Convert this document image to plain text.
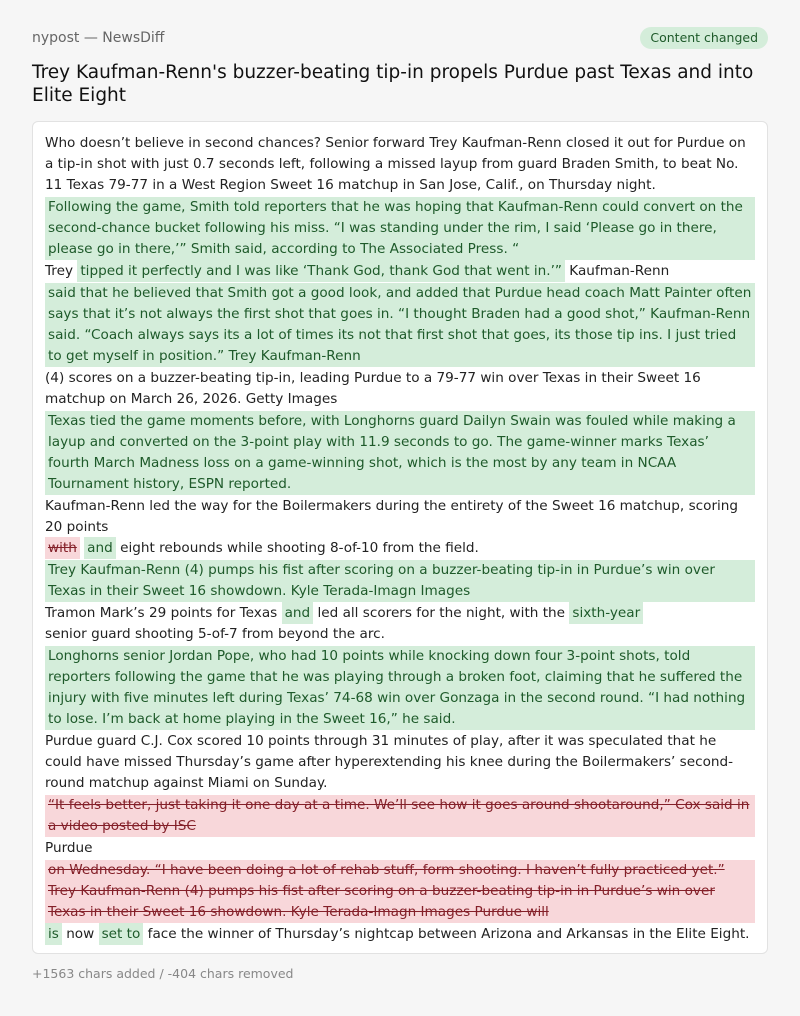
nypost — NewsDiff	Content changed
Trey Kaufman-Renn's buzzer-beating tip-in propels Purdue past Texas and into Elite Eight
Who doesn’t believe in second chances? Senior forward Trey Kaufman-Renn closed it out for Purdue on a tip-in shot with just 0.7 seconds left, following a missed layup from guard Braden Smith, to beat No. 11 Texas 79-77 in a West Region Sweet 16 matchup in San Jose, Calif., on Thursday night.
Following the game, Smith told reporters that he was hoping that Kaufman-Renn could convert on the second-chance bucket following his miss. “I was standing under the rim, I said ‘Please go in there, please go in there,’” Smith said, according to The Associated Press. “
Trey tipped it perfectly and I was like ‘Thank God, thank God that went in.’” Kaufman-Renn
said that he believed that Smith got a good look, and added that Purdue head coach Matt Painter often says that it’s not always the first shot that goes in. “I thought Braden had a good shot,” Kaufman-Renn said. “Coach always says its a lot of times its not that first shot that goes, its those tip ins. I just tried to get myself in position.” Trey Kaufman-Renn
(4) scores on a buzzer-beating tip-in, leading Purdue to a 79-77 win over Texas in their Sweet 16 matchup on March 26, 2026. Getty Images
Texas tied the game moments before, with Longhorns guard Dailyn Swain was fouled while making a layup and converted on the 3-point play with 11.9 seconds to go. The game-winner marks Texas’ fourth March Madness loss on a game-winning shot, which is the most by any team in NCAA Tournament history, ESPN reported.
Kaufman-Renn led the way for the Boilermakers during the entirety of the Sweet 16 matchup, scoring 20 points
with and eight rebounds while shooting 8-of-10 from the field.
Trey Kaufman-Renn (4) pumps his fist after scoring on a buzzer-beating tip-in in Purdue’s win over Texas in their Sweet 16 showdown. Kyle Terada-Imagn Images
Tramon Mark’s 29 points for Texas and led all scorers for the night, with the sixth-year
senior guard shooting 5-of-7 from beyond the arc.
Longhorns senior Jordan Pope, who had 10 points while knocking down four 3-point shots, told reporters following the game that he was playing through a broken foot, claiming that he suffered the injury with five minutes left during Texas’ 74-68 win over Gonzaga in the second round. “I had nothing to lose. I’m back at home playing in the Sweet 16,” he said.
Purdue guard C.J. Cox scored 10 points through 31 minutes of play, after it was speculated that he could have missed Thursday’s game after hyperextending his knee during the Boilermakers’ second-round matchup against Miami on Sunday.
“It feels better, just taking it one day at a time. We’ll see how it goes around shootaround,” Cox said in a video posted by ISC
Purdue
on Wednesday. “I have been doing a lot of rehab stuff, form shooting. I haven’t fully practiced yet.” Trey Kaufman-Renn (4) pumps his fist after scoring on a buzzer-beating tip-in in Purdue’s win over Texas in their Sweet 16 showdown. Kyle Terada-Imagn Images Purdue will
is now set to face the winner of Thursday’s nightcap between Arizona and Arkansas in the Elite Eight.
+1563 chars added / -404 chars removed
